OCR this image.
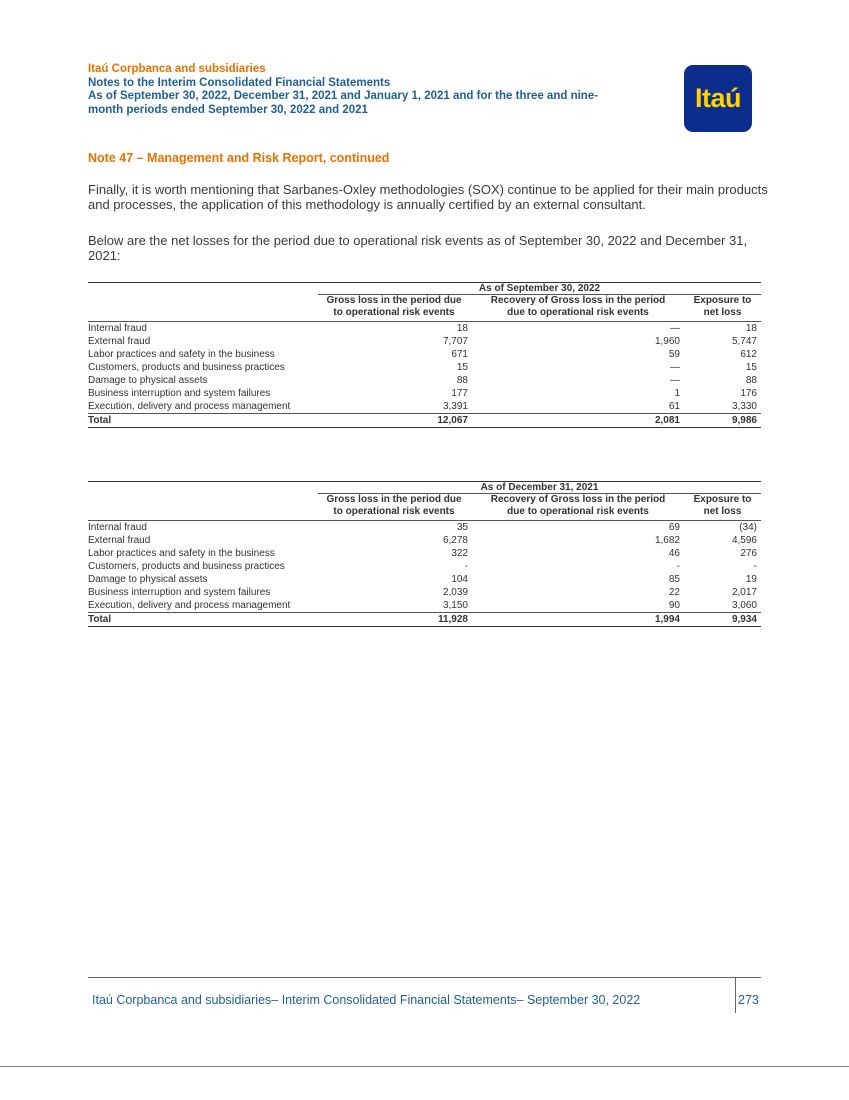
Itaú Corpbanca and subsidiaries
Notes to the Interim Consolidated Financial Statements
As of September 30, 2022, December 31, 2021 and January 1, 2021 and for the three and nine-
month periods ended September 30, 2022 and 2021	Itaú
Note 47 – Management and Risk Report, continued
Finally, it is worth mentioning that Sarbanes-Oxley methodologies (SOX) continue to be applied for their main products and processes, the application of this methodology is annually certified by an external consultant.
Below are the net losses for the period due to operational risk events as of September 30, 2022 and December 31, 2021:
As of September 30, 2022
Gross loss in the period due
to operational risk events
Recovery of Gross loss in the period
due to operational risk events
Exposure to
net loss
Internal fraud	18	—	18
External fraud	7,707	1,960	5,747
Labor practices and safety in the business	671	59	612
Customers, products and business practices	15	—	15
Damage to physical assets	88	—	88
Business interruption and system failures	177	1	176
Execution, delivery and process management	3,391	61	3,330
Total	12,067	2,081	9,986
As of December 31, 2021
Gross loss in the period due
to operational risk events
Recovery of Gross loss in the period
due to operational risk events
Exposure to
net loss
Internal fraud	35	69	(34)
External fraud	6,278	1,682	4,596
Labor practices and safety in the business	322	46	276
Customers, products and business practices	-	-	-
Damage to physical assets	104	85	19
Business interruption and system failures	2,039	22	2,017
Execution, delivery and process management	3,150	90	3,060
Total	11,928	1,994	9,934
Itaú Corpbanca and subsidiaries– Interim Consolidated Financial Statements– September 30, 2022	273
